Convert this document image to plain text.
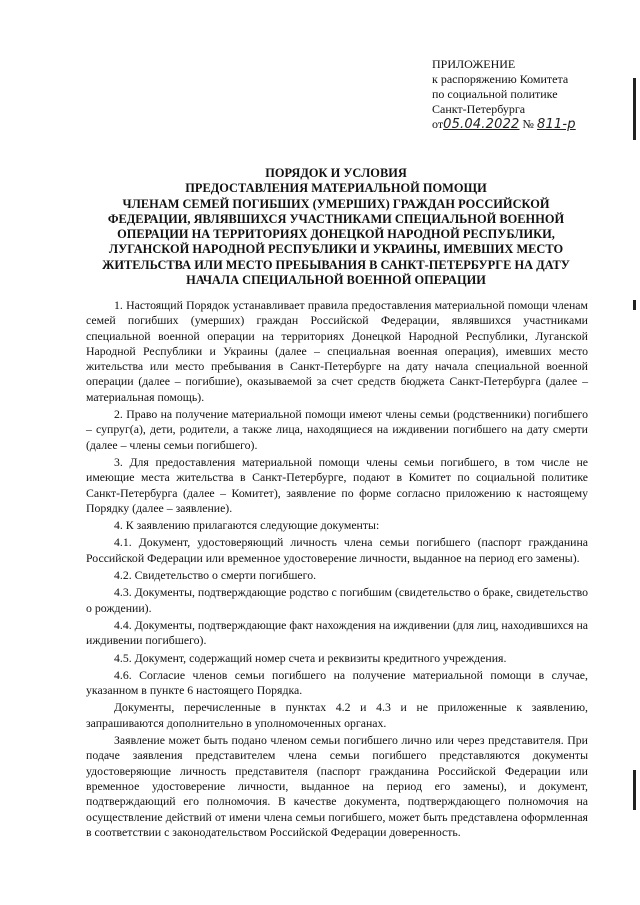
ПРИЛОЖЕНИЕ
к распоряжению Комитета
по социальной политике
Санкт-Петербурга
от05.04.2022 № 811-р
ПОРЯДОК И УСЛОВИЯ
ПРЕДОСТАВЛЕНИЯ МАТЕРИАЛЬНОЙ ПОМОЩИ
ЧЛЕНАМ СЕМЕЙ ПОГИБШИХ (УМЕРШИХ) ГРАЖДАН РОССИЙСКОЙ
ФЕДЕРАЦИИ, ЯВЛЯВШИХСЯ УЧАСТНИКАМИ СПЕЦИАЛЬНОЙ ВОЕННОЙ
ОПЕРАЦИИ НА ТЕРРИТОРИЯХ ДОНЕЦКОЙ НАРОДНОЙ РЕСПУБЛИКИ,
ЛУГАНСКОЙ НАРОДНОЙ РЕСПУБЛИКИ И УКРАИНЫ, ИМЕВШИХ МЕСТО
ЖИТЕЛЬСТВА ИЛИ МЕСТО ПРЕБЫВАНИЯ В САНКТ-ПЕТЕРБУРГЕ НА ДАТУ
НАЧАЛА СПЕЦИАЛЬНОЙ ВОЕННОЙ ОПЕРАЦИИ

1. Настоящий Порядок устанавливает правила предоставления материальной помощи членам семей погибших (умерших) граждан Российской Федерации, являвшихся участниками специальной военной операции на территориях Донецкой Народной Республики, Луганской Народной Республики и Украины (далее – специальная военная операция), имевших место жительства или место пребывания в Санкт-Петербурге на дату начала специальной военной операции (далее – погибшие), оказываемой за счет средств бюджета Санкт-Петербурга (далее – материальная помощь).

2. Право на получение материальной помощи имеют члены семьи (родственники) погибшего – супруг(а), дети, родители, а также лица, находящиеся на иждивении погибшего на дату смерти (далее – члены семьи погибшего).

3. Для предоставления материальной помощи члены семьи погибшего, в том числе не имеющие места жительства в Санкт-Петербурге, подают в Комитет по социальной политике Санкт-Петербурга (далее – Комитет), заявление по форме согласно приложению к настоящему Порядку (далее – заявление).

4. К заявлению прилагаются следующие документы:

4.1. Документ, удостоверяющий личность члена семьи погибшего (паспорт гражданина Российской Федерации или временное удостоверение личности, выданное на период его замены).

4.2. Свидетельство о смерти погибшего.

4.3. Документы, подтверждающие родство с погибшим (свидетельство о браке, свидетельство о рождении).

4.4. Документы, подтверждающие факт нахождения на иждивении (для лиц, находившихся на иждивении погибшего).

4.5. Документ, содержащий номер счета и реквизиты кредитного учреждения.

4.6. Согласие членов семьи погибшего на получение материальной помощи в случае, указанном в пункте 6 настоящего Порядка.

Документы, перечисленные в пунктах 4.2 и 4.3 и не приложенные к заявлению, запрашиваются дополнительно в уполномоченных органах.

Заявление может быть подано членом семьи погибшего лично или через представителя. При подаче заявления представителем члена семьи погибшего представляются документы удостоверяющие личность представителя (паспорт гражданина Российской Федерации или временное удостоверение личности, выданное на период его замены), и документ, подтверждающий его полномочия. В качестве документа, подтверждающего полномочия на осуществление действий от имени члена семьи погибшего, может быть представлена оформленная в соответствии с законодательством Российской Федерации доверенность.
